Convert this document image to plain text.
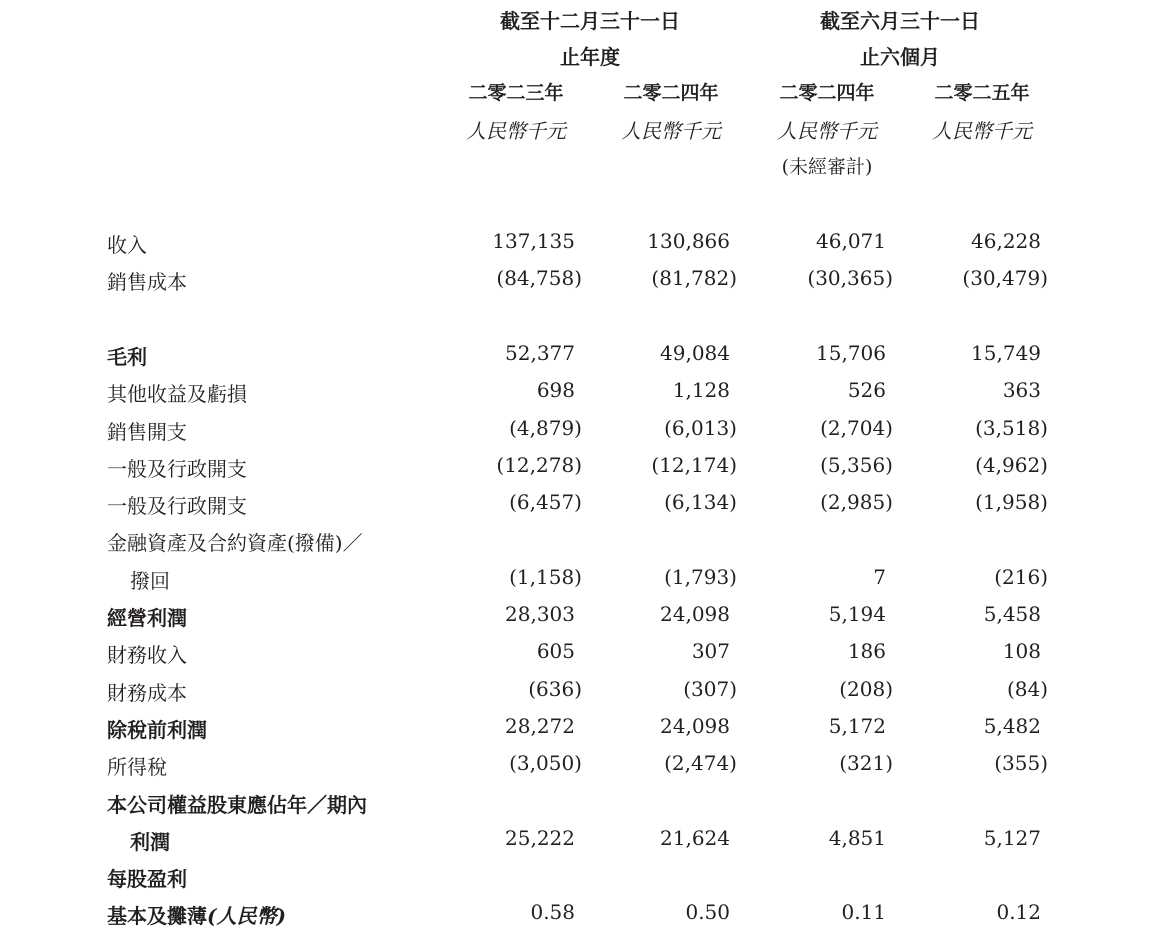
截至十二月三十一日
止年度
截至六月三十一日
止六個月
二零二三年	二零二四年	二零二四年	二零二五年
人民幣千元	人民幣千元	人民幣千元	人民幣千元
(未經審計)
收入	137,135	130,866	46,071	46,228
銷售成本	(84,758)	(81,782)	(30,365)	(30,479)
毛利	52,377	49,084	15,706	15,749
其他收益及虧損	698	1,128	526	363
銷售開支	(4,879)	(6,013)	(2,704)	(3,518)
一般及行政開支	(12,278)	(12,174)	(5,356)	(4,962)
一般及行政開支	(6,457)	(6,134)	(2,985)	(1,958)
金融資產及合約資產(撥備)／
撥回	(1,158)	(1,793)	7	(216)
經營利潤	28,303	24,098	5,194	5,458
財務收入	605	307	186	108
財務成本	(636)	(307)	(208)	(84)
除稅前利潤	28,272	24,098	5,172	5,482
所得稅	(3,050)	(2,474)	(321)	(355)
本公司權益股東應佔年／期內
利潤	25,222	21,624	4,851	5,127
每股盈利
基本及攤薄(人民幣)	0.58	0.50	0.11	0.12
